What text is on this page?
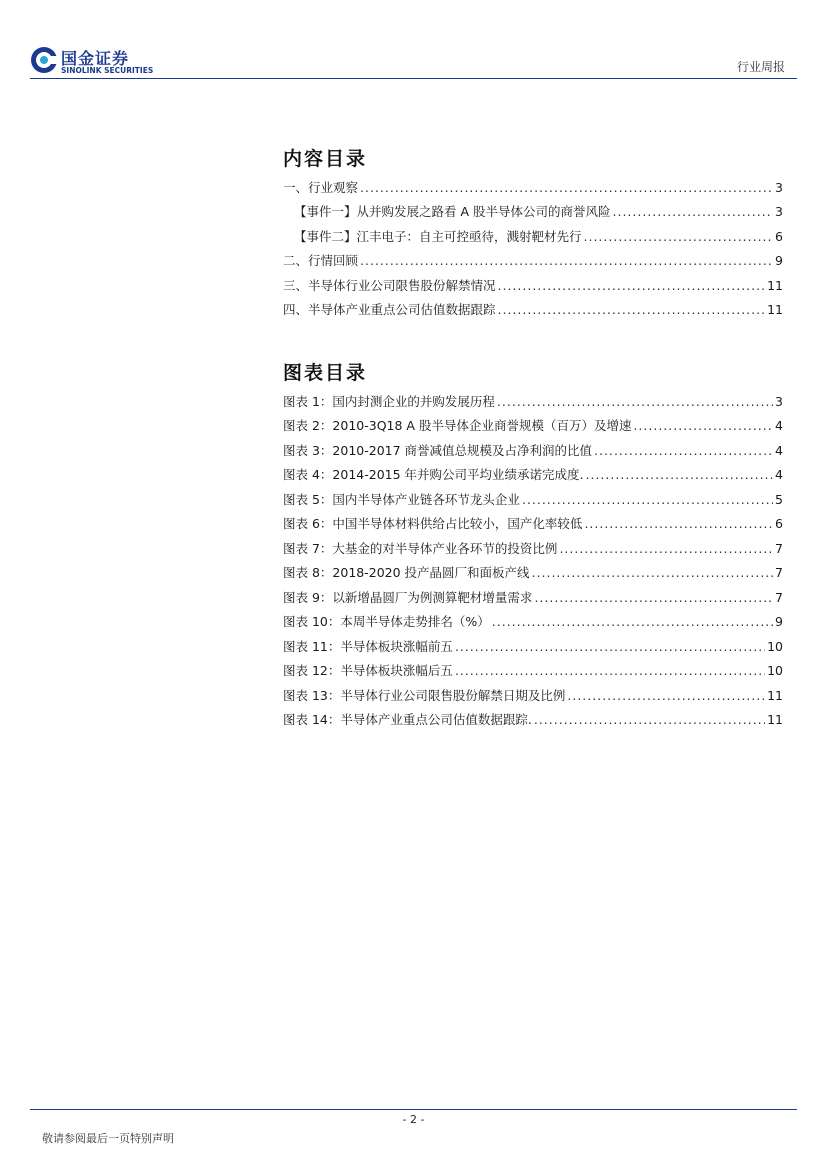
国金证券
SINOLINK SECURITIES	行业周报
内容目录
一、行业观察 .....	3
【事件一】从并购发展之路看 A 股半导体公司的商誉风险 .....	3
【事件二】江丰电子：自主可控亟待，溅射靶材先行 .....	6
二、行情回顾 .....	9
三、半导体行业公司限售股份解禁情况 .....	11
四、半导体产业重点公司估值数据跟踪 .....	11
图表目录
图表 1：国内封测企业的并购发展历程 .....	3
图表 2：2010-3Q18 A 股半导体企业商誉规模（百万）及增速 .....	4
图表 3：2010-2017 商誉减值总规模及占净利润的比值 .....	4
图表 4：2014-2015 年并购公司平均业绩承诺完成度. .....	4
图表 5：国内半导体产业链各环节龙头企业 .....	5
图表 6：中国半导体材料供给占比较小，国产化率较低 .....	6
图表 7：大基金的对半导体产业各环节的投资比例 .....	7
图表 8：2018-2020 投产晶圆厂和面板产线 .....	7
图表 9：以新增晶圆厂为例测算靶材增量需求 .....	7
图表 10：本周半导体走势排名（%） .....	9
图表 11：半导体板块涨幅前五 .....	10
图表 12：半导体板块涨幅后五 .....	10
图表 13：半导体行业公司限售股份解禁日期及比例 .....	11
图表 14：半导体产业重点公司估值数据跟踪. .....	11
- 2 -
敬请参阅最后一页特别声明
